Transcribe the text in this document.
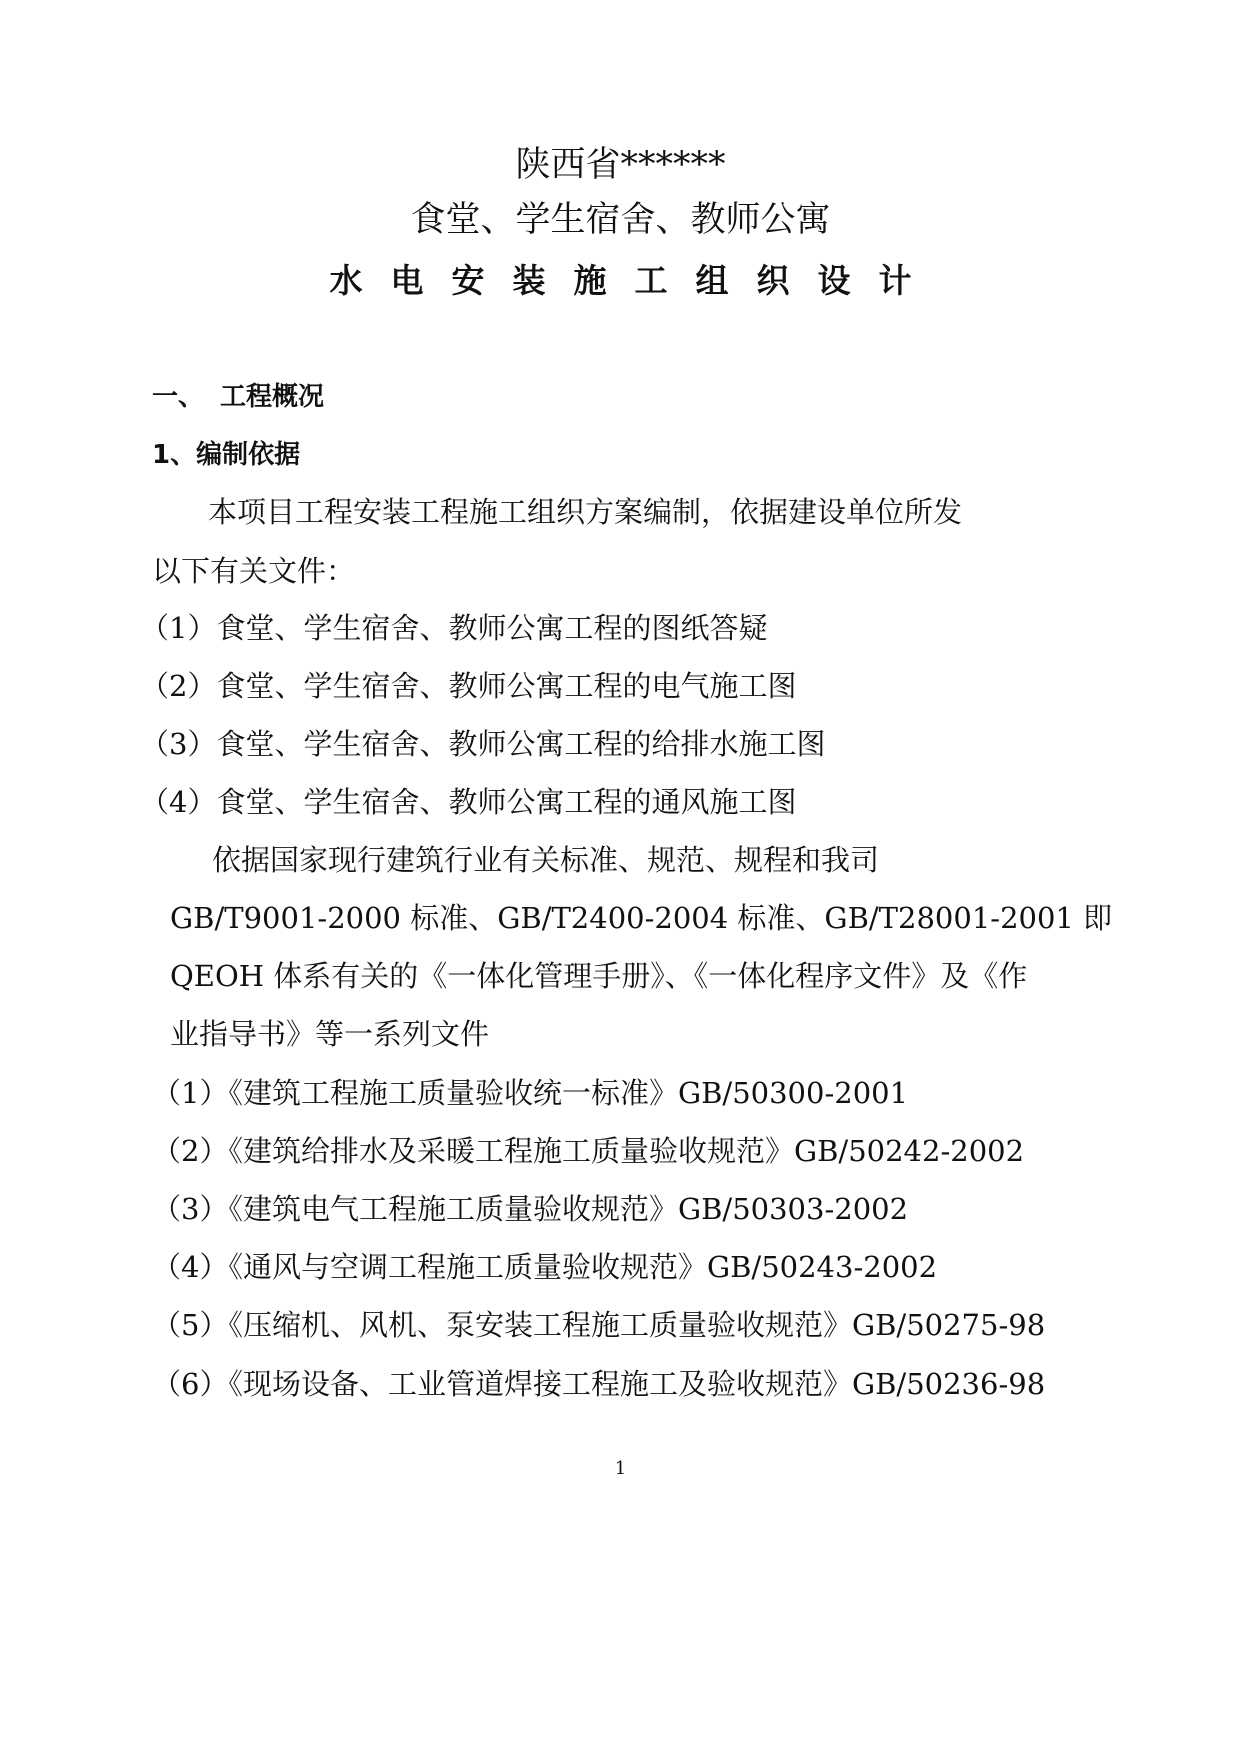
陕西省******
食堂、学生宿舍、教师公寓
水电安装施工组织设计
一、 工程概况
1、编制依据
本项目工程安装工程施工组织方案编制，依据建设单位所发
以下有关文件：
（1）食堂、学生宿舍、教师公寓工程的图纸答疑
（2）食堂、学生宿舍、教师公寓工程的电气施工图
（3）食堂、学生宿舍、教师公寓工程的给排水施工图
（4）食堂、学生宿舍、教师公寓工程的通风施工图
依据国家现行建筑行业有关标准、规范、规程和我司
GB/T9001-2000 标准、GB/T2400-2004 标准、GB/T28001-2001 即
QEOH 体系有关的《一体化管理手册》、《一体化程序文件》及《作
业指导书》等一系列文件
（1）《建筑工程施工质量验收统一标准》GB/50300-2001
（2）《建筑给排水及采暖工程施工质量验收规范》GB/50242-2002
（3）《建筑电气工程施工质量验收规范》GB/50303-2002
（4）《通风与空调工程施工质量验收规范》GB/50243-2002
（5）《压缩机、风机、泵安装工程施工质量验收规范》GB/50275-98
（6）《现场设备、工业管道焊接工程施工及验收规范》GB/50236-98
1
